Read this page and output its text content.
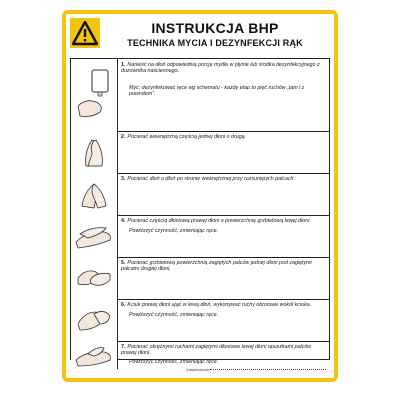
INSTRUKCJA BHP
TECHNIKA MYCIA I DEZYNFEKCJI RĄK
1. Nanieść na dłoń odpowiednią porcję mydła w płynie lub środka dezynfekcyjnego z dozownika naściennego.
Myć, dezynfekować ręce wg schematu - każdy etap to pięć ruchów „tam i z powrotem”.
2. Pocierać wewnętrzną częścią jednej dłoni o drugą.
3. Pocierać dłoń o dłoń po stronie wewnętrznej przy rozsuniętych palcach.
4. Pocierać częścią dłoniową prawej dłoni o powierzchnię grzbietową lewej dłoni.
Powtórzyć czynność, zmieniając ręce.
5. Pocierać grzbietową powierzchnią zagiętych palców jednej dłoni pod zagiętymi palcami drugiej dłoni.
6. Kciuk prawej dłoni ująć w lewą dłoń, wykonywać ruchy obrotowe wokół kciuka.
Powtórzyć czynność, zmieniając ręce.
7. Pocierać okrężnymi ruchami zagiętymi dłoniowe lewej dłoni opuszkami palców prawej dłoni.
Powtórzyć czynność, zmieniając ręce.
Zatwierdzam:
